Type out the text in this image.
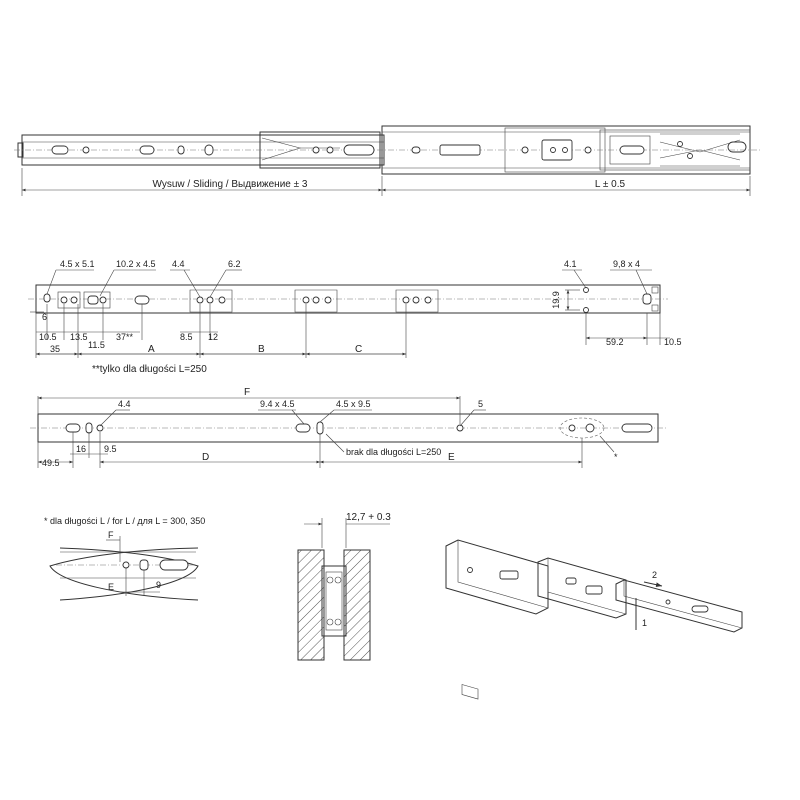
Wysuw / Sliding / Выдвижение ± 3	L ± 0.5
19.9
4.5 x 5.1 10.2 x 4.5 4.4	6.2	4.1	9,8 x 4
6
10.5 13.5	37**	8.5 12	59.2	10.5
35	11.5	A	B	C
**tylko dla długości L=250
F
4.4	9.4 x 4.5	4.5 x 9.5	5
brak dla długości L=250	*
49.5
16 9.5
D	E
* dla długości L / for L / для L = 300, 350
F
E	9
12,7 + 0.3
1
2
